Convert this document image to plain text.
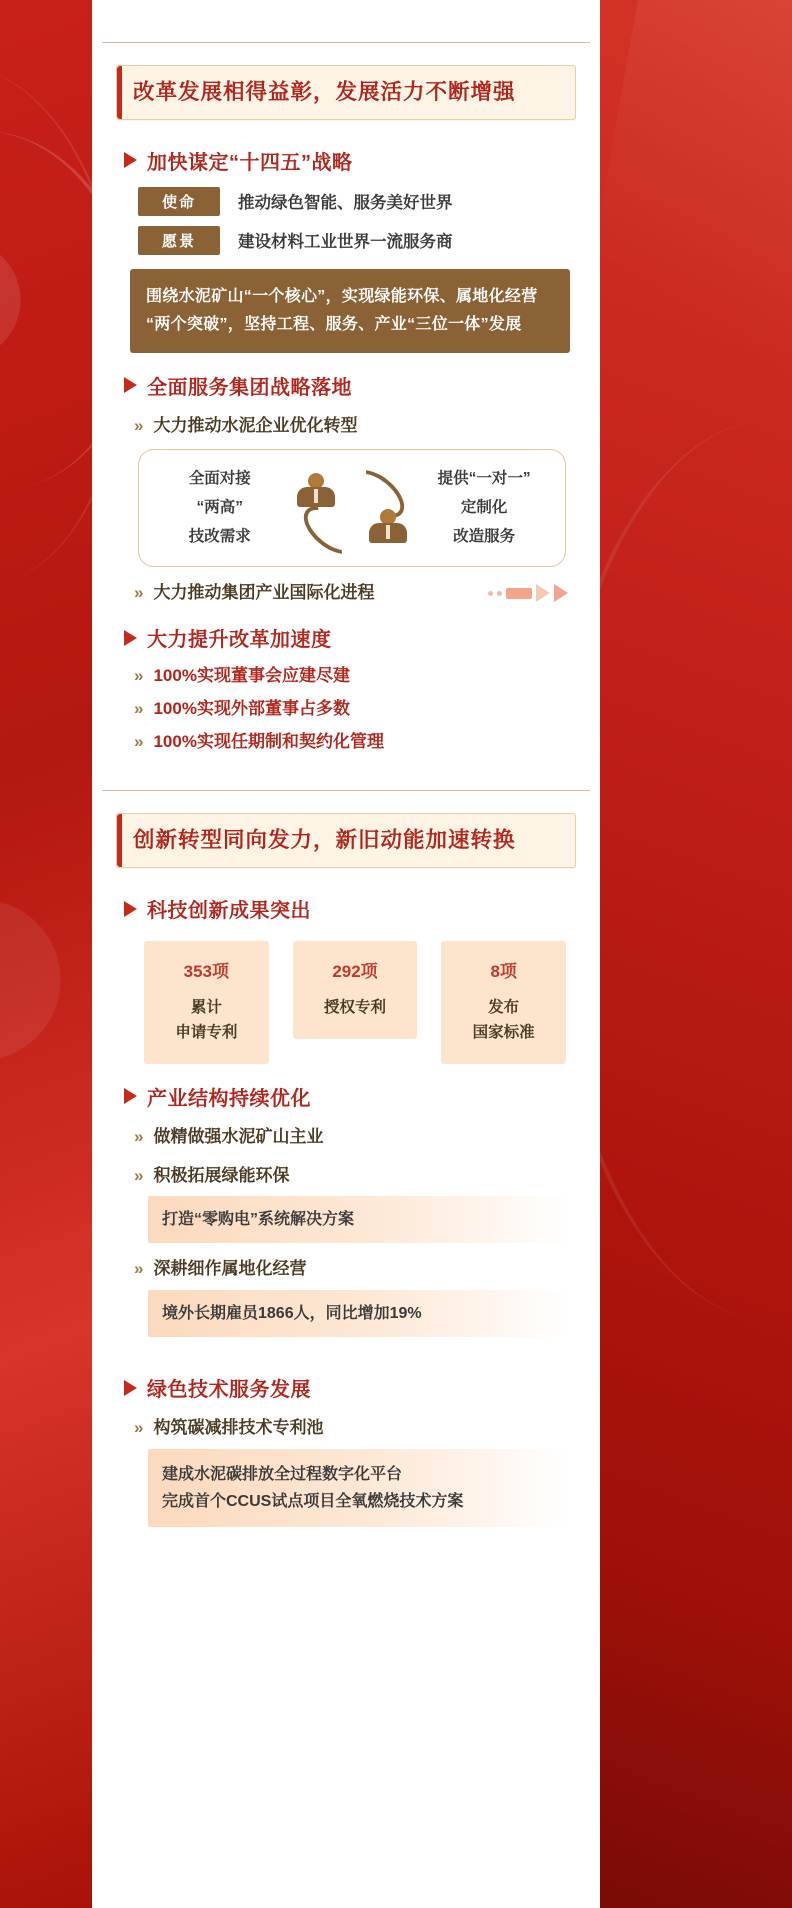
改革发展相得益彰，发展活力不断增强
加快谋定“十四五”战略
使命	推动绿色智能、服务美好世界
愿景	建设材料工业世界一流服务商
围绕水泥矿山“一个核心”，实现绿能环保、属地化经营
“两个突破”，坚持工程、服务、产业“三位一体”发展
全面服务集团战略落地
» 大力推动水泥企业优化转型
全面对接
“两高”
技改需求
提供“一对一”
定制化
改造服务
» 大力推动集团产业国际化进程
大力提升改革加速度
» 100%实现董事会应建尽建
» 100%实现外部董事占多数
» 100%实现任期制和契约化管理
创新转型同向发力，新旧动能加速转换
科技创新成果突出
353项
累计
申请专利
292项
授权专利
8项
发布
国家标准
产业结构持续优化
» 做精做强水泥矿山主业
» 积极拓展绿能环保
打造“零购电”系统解决方案
» 深耕细作属地化经营
境外长期雇员1866人，同比增加19%
绿色技术服务发展
» 构筑碳减排技术专利池
建成水泥碳排放全过程数字化平台
完成首个CCUS试点项目全氧燃烧技术方案
